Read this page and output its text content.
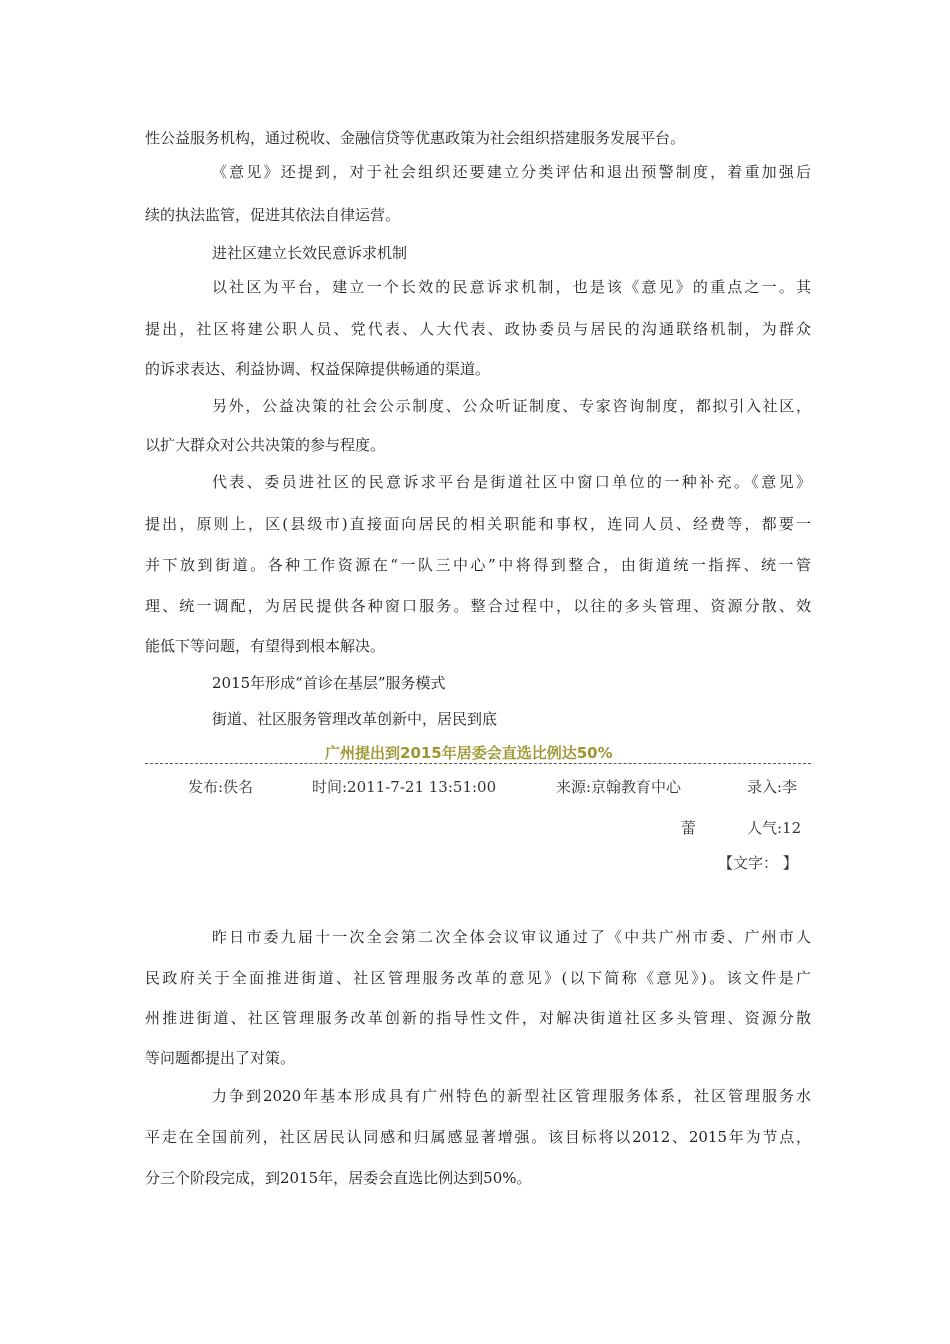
性公益服务机构，通过税收、金融信贷等优惠政策为社会组织搭建服务发展平台。
《意见》还提到，对于社会组织还要建立分类评估和退出预警制度，着重加强后
续的执法监管，促进其依法自律运营。
进社区建立长效民意诉求机制
以社区为平台，建立一个长效的民意诉求机制，也是该《意见》的重点之一。其
提出，社区将建公职人员、党代表、人大代表、政协委员与居民的沟通联络机制，为群众
的诉求表达、利益协调、权益保障提供畅通的渠道。
另外，公益决策的社会公示制度、公众听证制度、专家咨询制度，都拟引入社区，
以扩大群众对公共决策的参与程度。
代表、委员进社区的民意诉求平台是街道社区中窗口单位的一种补充。《意见》
提出，原则上，区(县级市)直接面向居民的相关职能和事权，连同人员、经费等，都要一
并下放到街道。各种工作资源在“一队三中心”中将得到整合，由街道统一指挥、统一管
理、统一调配，为居民提供各种窗口服务。整合过程中，以往的多头管理、资源分散、效
能低下等问题，有望得到根本解决。
2015年形成“首诊在基层”服务模式
街道、社区服务管理改革创新中，居民到底
广州提出到2015年居委会直选比例达50%
发布:佚名	时间:2011-7-21 13:51:00	来源:京翰教育中心	录入:李
蕾	人气:12
【文字： 】
昨日市委九届十一次全会第二次全体会议审议通过了《中共广州市委、广州市人
民政府关于全面推进街道、社区管理服务改革的意见》(以下简称《意见》)。该文件是广
州推进街道、社区管理服务改革创新的指导性文件，对解决街道社区多头管理、资源分散
等问题都提出了对策。
力争到2020年基本形成具有广州特色的新型社区管理服务体系，社区管理服务水
平走在全国前列，社区居民认同感和归属感显著增强。该目标将以2012、2015年为节点，
分三个阶段完成，到2015年，居委会直选比例达到50%。
